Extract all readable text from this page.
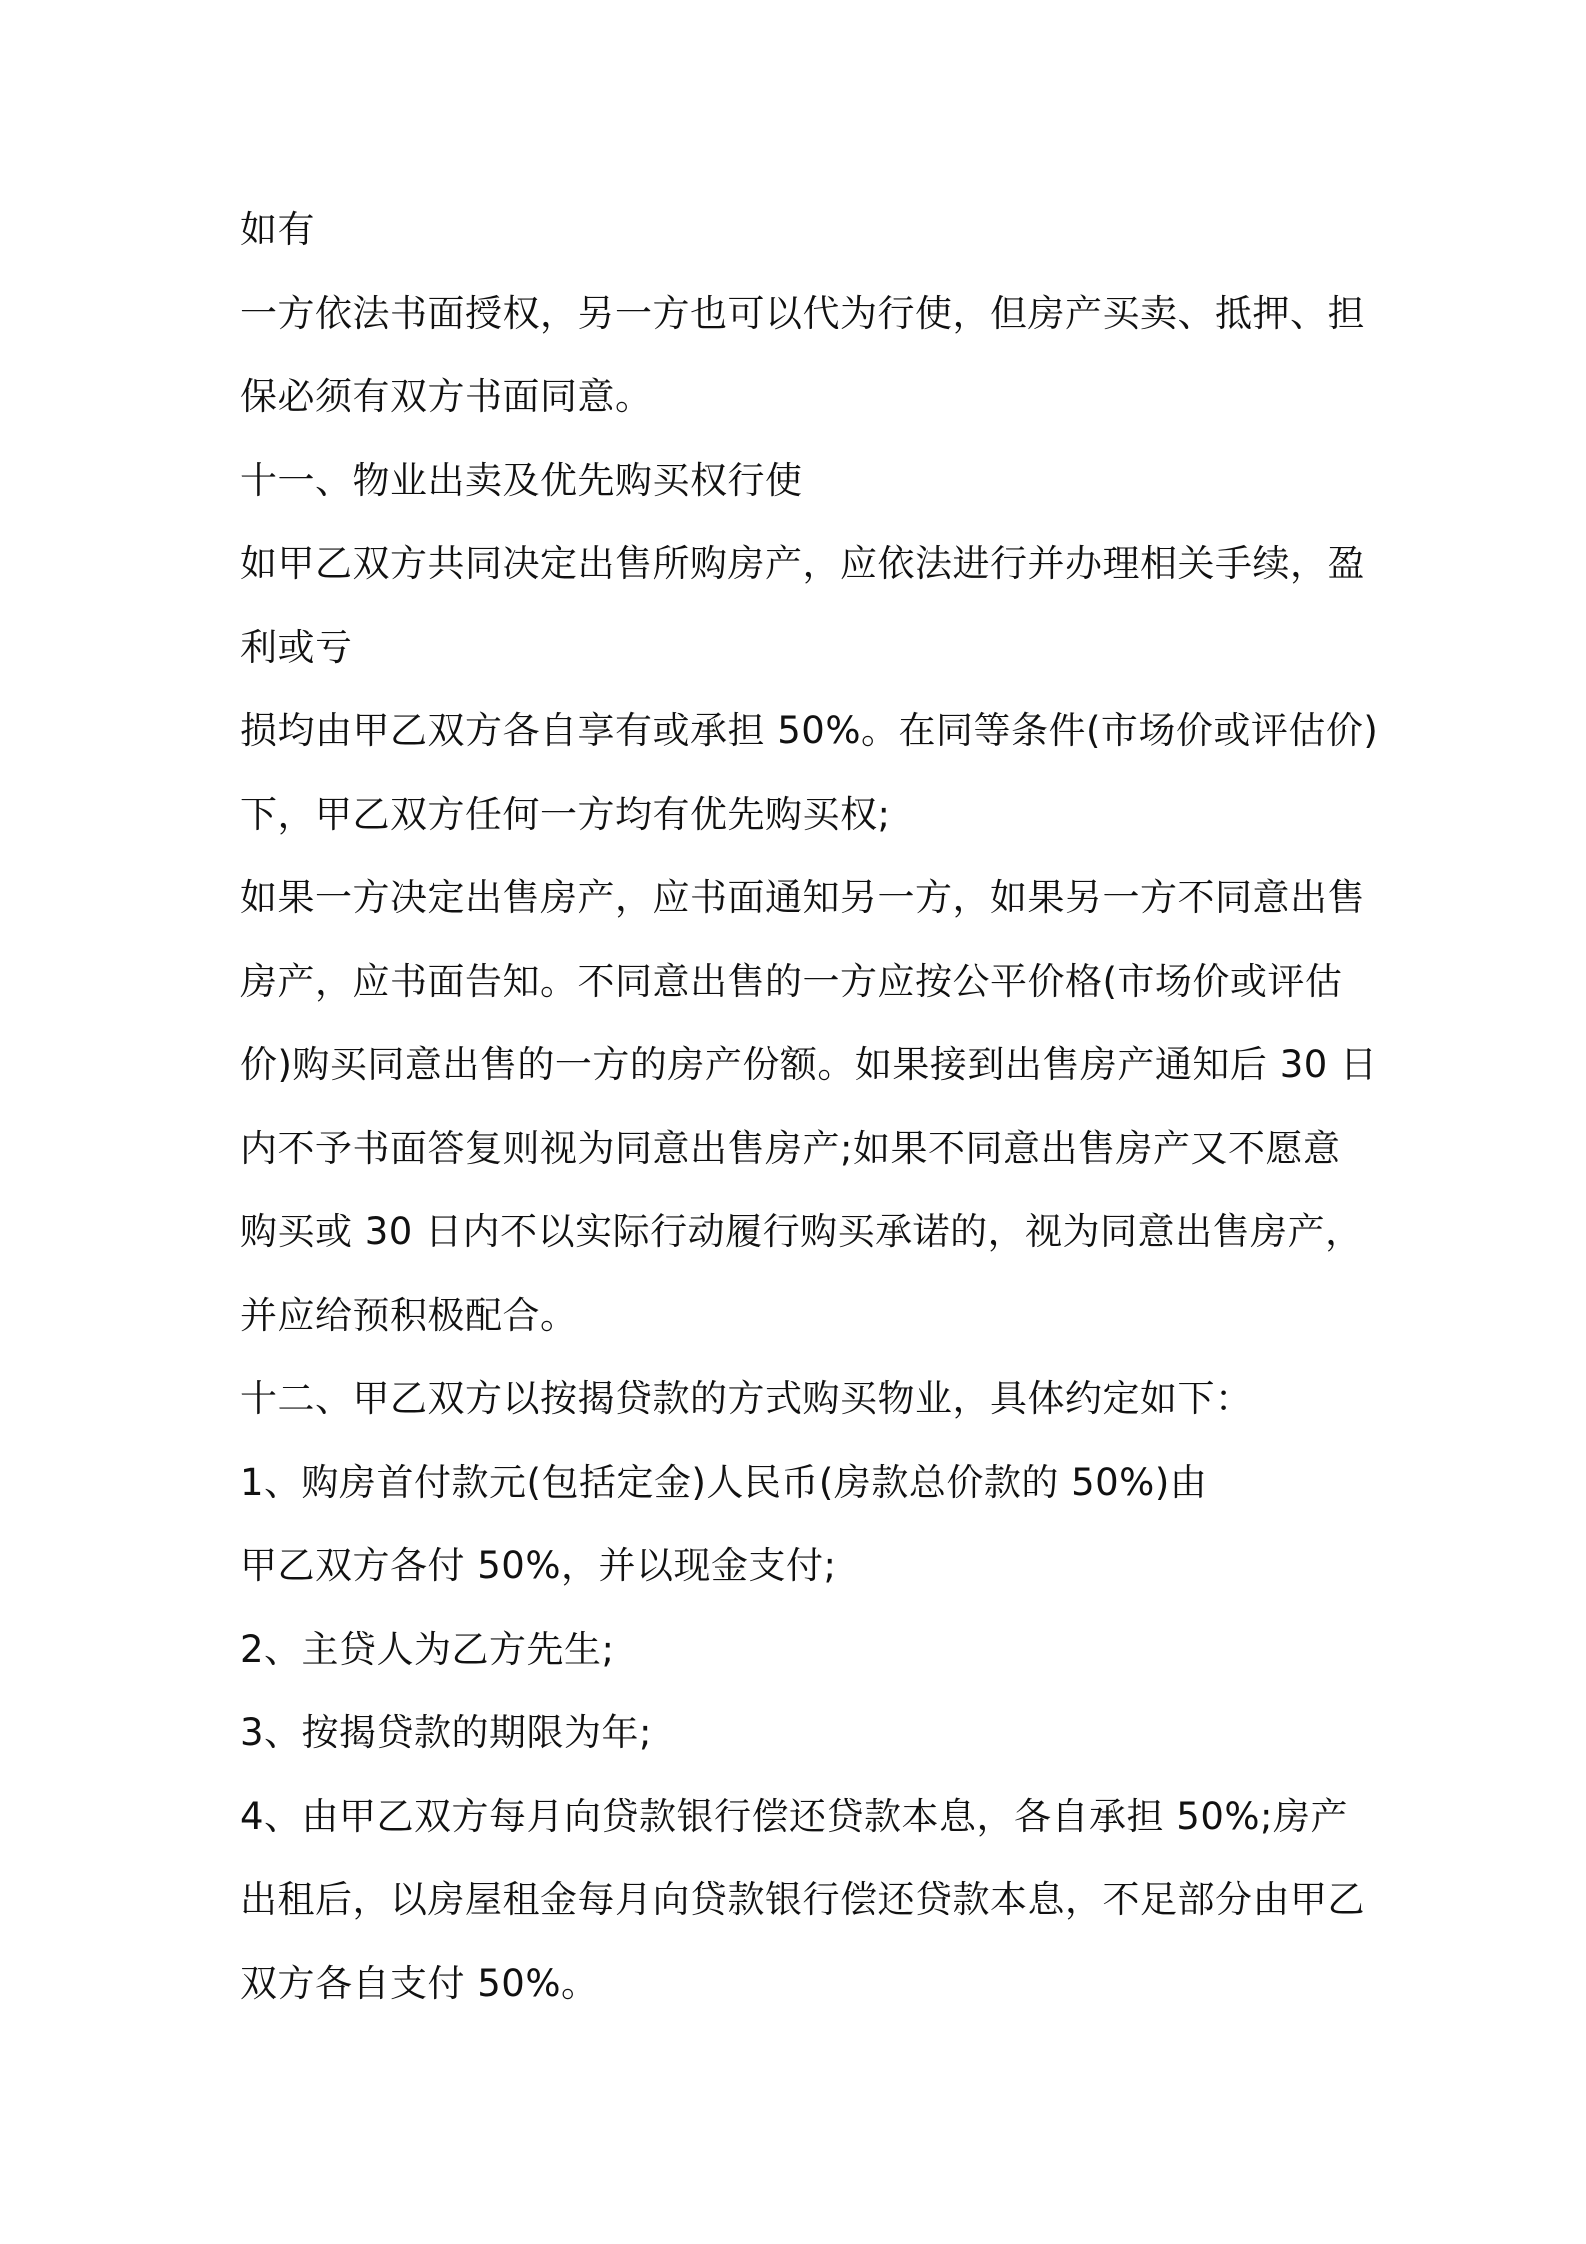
如有
一方依法书面授权，另一方也可以代为行使，但房产买卖、抵押、担
保必须有双方书面同意。
十一、物业出卖及优先购买权行使
如甲乙双方共同决定出售所购房产，应依法进行并办理相关手续，盈
利或亏
损均由甲乙双方各自享有或承担 50%。在同等条件(市场价或评估价)
下，甲乙双方任何一方均有优先购买权;
如果一方决定出售房产，应书面通知另一方，如果另一方不同意出售
房产，应书面告知。不同意出售的一方应按公平价格(市场价或评估
价)购买同意出售的一方的房产份额。如果接到出售房产通知后 30 日
内不予书面答复则视为同意出售房产;如果不同意出售房产又不愿意
购买或 30 日内不以实际行动履行购买承诺的，视为同意出售房产，
并应给预积极配合。
十二、甲乙双方以按揭贷款的方式购买物业，具体约定如下：
1、购房首付款元(包括定金)人民币(房款总价款的 50%)由
甲乙双方各付 50%，并以现金支付;
2、主贷人为乙方先生;
3、按揭贷款的期限为年;
4、由甲乙双方每月向贷款银行偿还贷款本息，各自承担 50%;房产
出租后，以房屋租金每月向贷款银行偿还贷款本息，不足部分由甲乙
双方各自支付 50%。
